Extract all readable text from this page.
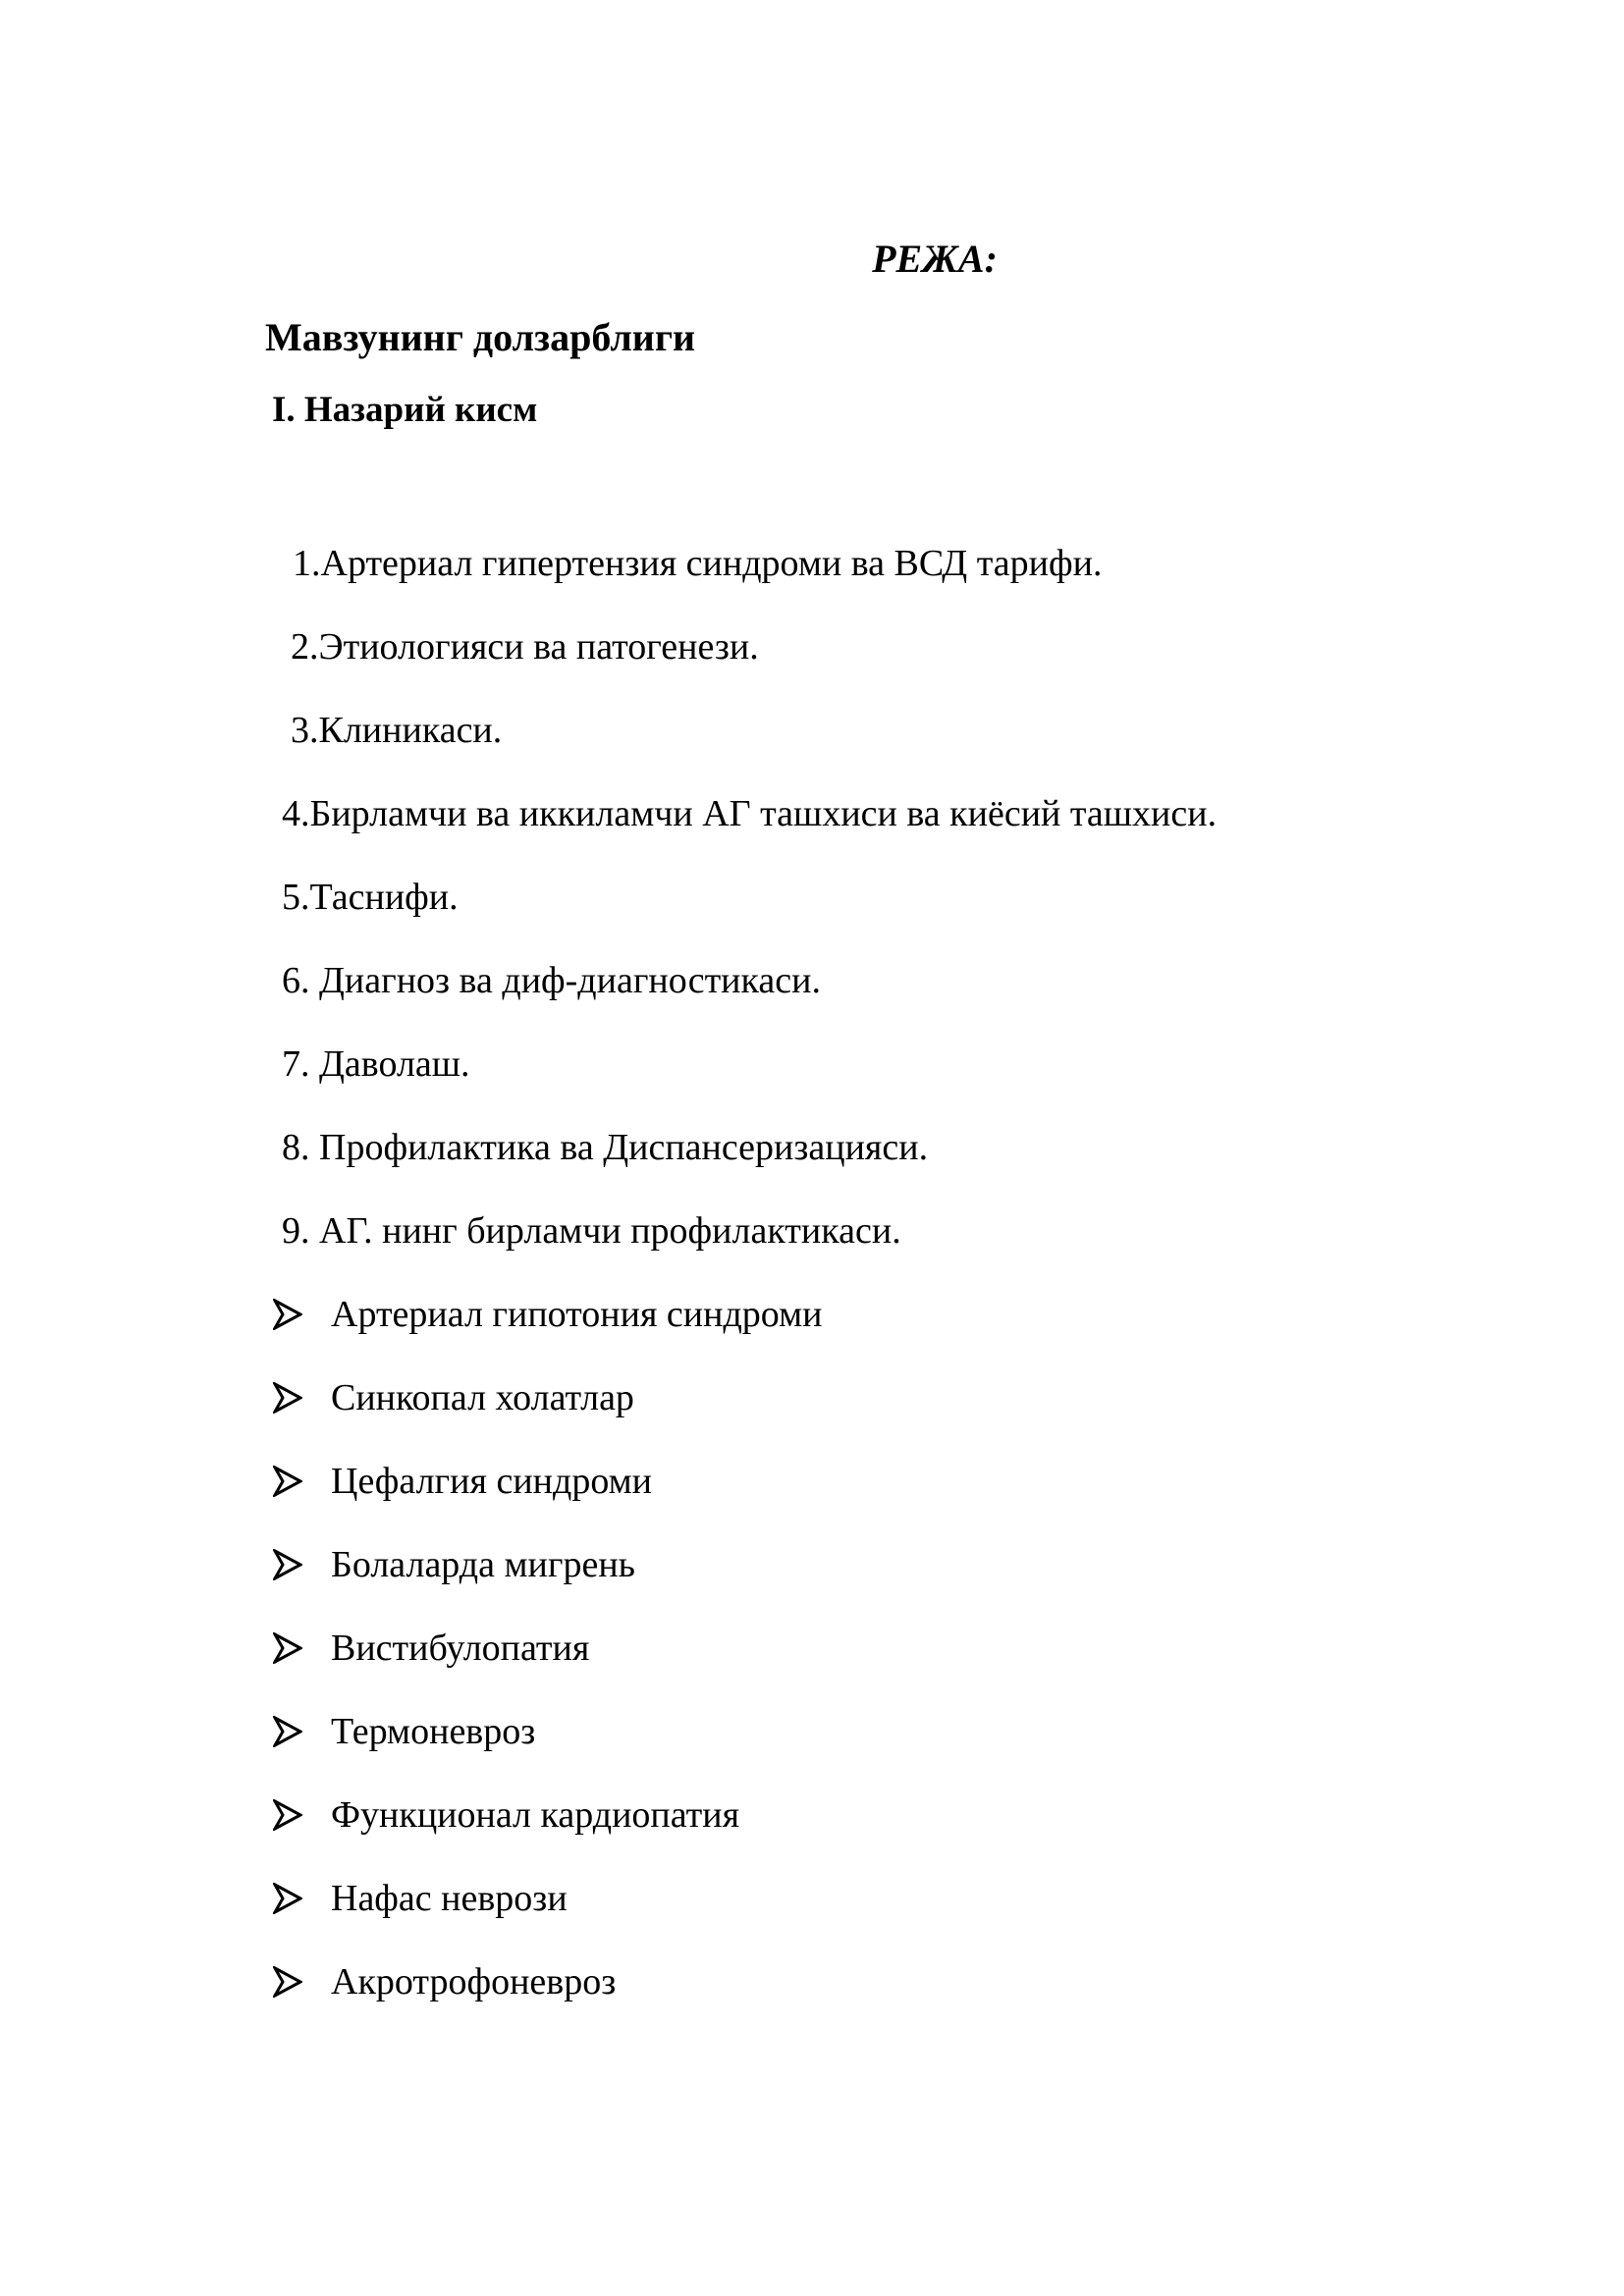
РЕЖА:
Мавзунинг долзарблиги
I. Назарий кисм
1.Артериал гипертензия синдроми ва ВСД тарифи.
2.Этиологияси ва патогенези.
3.Клиникаси.
4.Бирламчи ва иккиламчи АГ ташхиси ва киёсий ташхиси.
5.Таснифи.
6. Диагноз ва диф-диагностикаси.
7. Даволаш.
8. Профилактика ва Диспансеризацияси.
9. АГ. нинг бирламчи профилактикаси.
Артериал гипотония синдроми
Синкопал холатлар
Цефалгия синдроми
Болаларда мигрень
Вистибулопатия
Термоневроз
Функционал кардиопатия
Нафас неврози
Акротрофоневроз
